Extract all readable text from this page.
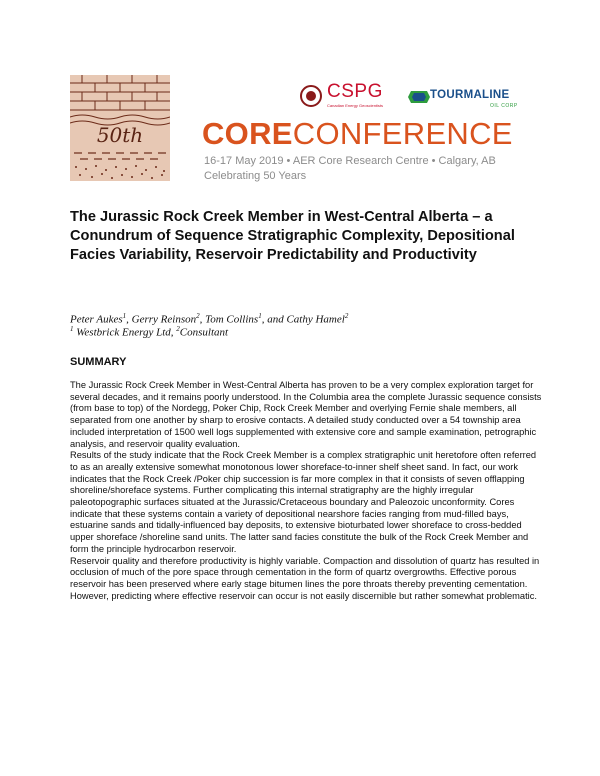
50th
CSPG
Canadian Energy Geoscientists
TOURMALINE
OIL CORP
CORECONFERENCE
16-17 May 2019 • AER Core Research Centre • Calgary, AB
Celebrating 50 Years
The Jurassic Rock Creek Member in West-Central Alberta – a Conundrum of Sequence Stratigraphic Complexity, Depositional Facies Variability, Reservoir Predictability and Productivity
Peter Aukes$^1$, Gerry Reinson$^2$, Tom Collins$^1$, and Cathy Hamel$^2$
$^1$ Westbrick Energy Ltd, $^2$Consultant
SUMMARY

The Jurassic Rock Creek Member in West-Central Alberta has proven to be a very complex exploration target for several decades, and it remains poorly understood. In the Columbia area the complete Jurassic sequence consists (from base to top) of the Nordegg, Poker Chip, Rock Creek Member and overlying Fernie shale members, all separated from one another by sharp to erosive contacts. A detailed study conducted over a 54 township area included interpretation of 1500 well logs supplemented with extensive core and sample examination, petrographic analysis, and reservoir quality evaluation.

Results of the study indicate that the Rock Creek Member is a complex stratigraphic unit heretofore often referred to as an areally extensive somewhat monotonous lower shoreface-to-inner shelf sheet sand. In fact, our work indicates that the Rock Creek /Poker chip succession is far more complex in that it consists of seven offlapping shoreline/shoreface systems. Further complicating this internal stratigraphy are the highly irregular paleotopographic surfaces situated at the Jurassic/Cretaceous boundary and Paleozoic unconformity. Cores indicate that these systems contain a variety of depositional nearshore facies ranging from mud-filled bays, estuarine sands and tidally-influenced bay deposits, to extensive bioturbated lower shoreface to cross-bedded upper shoreface /shoreline sand units. The latter sand facies constitute the bulk of the Rock Creek Member and form the principle hydrocarbon reservoir.

Reservoir quality and therefore productivity is highly variable. Compaction and dissolution of quartz has resulted in occlusion of much of the pore space through cementation in the form of quartz overgrowths. Effective porous reservoir has been preserved where early stage bitumen lines the pore throats thereby preventing cementation. However, predicting where effective reservoir can occur is not easily discernible but rather somewhat problematic.
